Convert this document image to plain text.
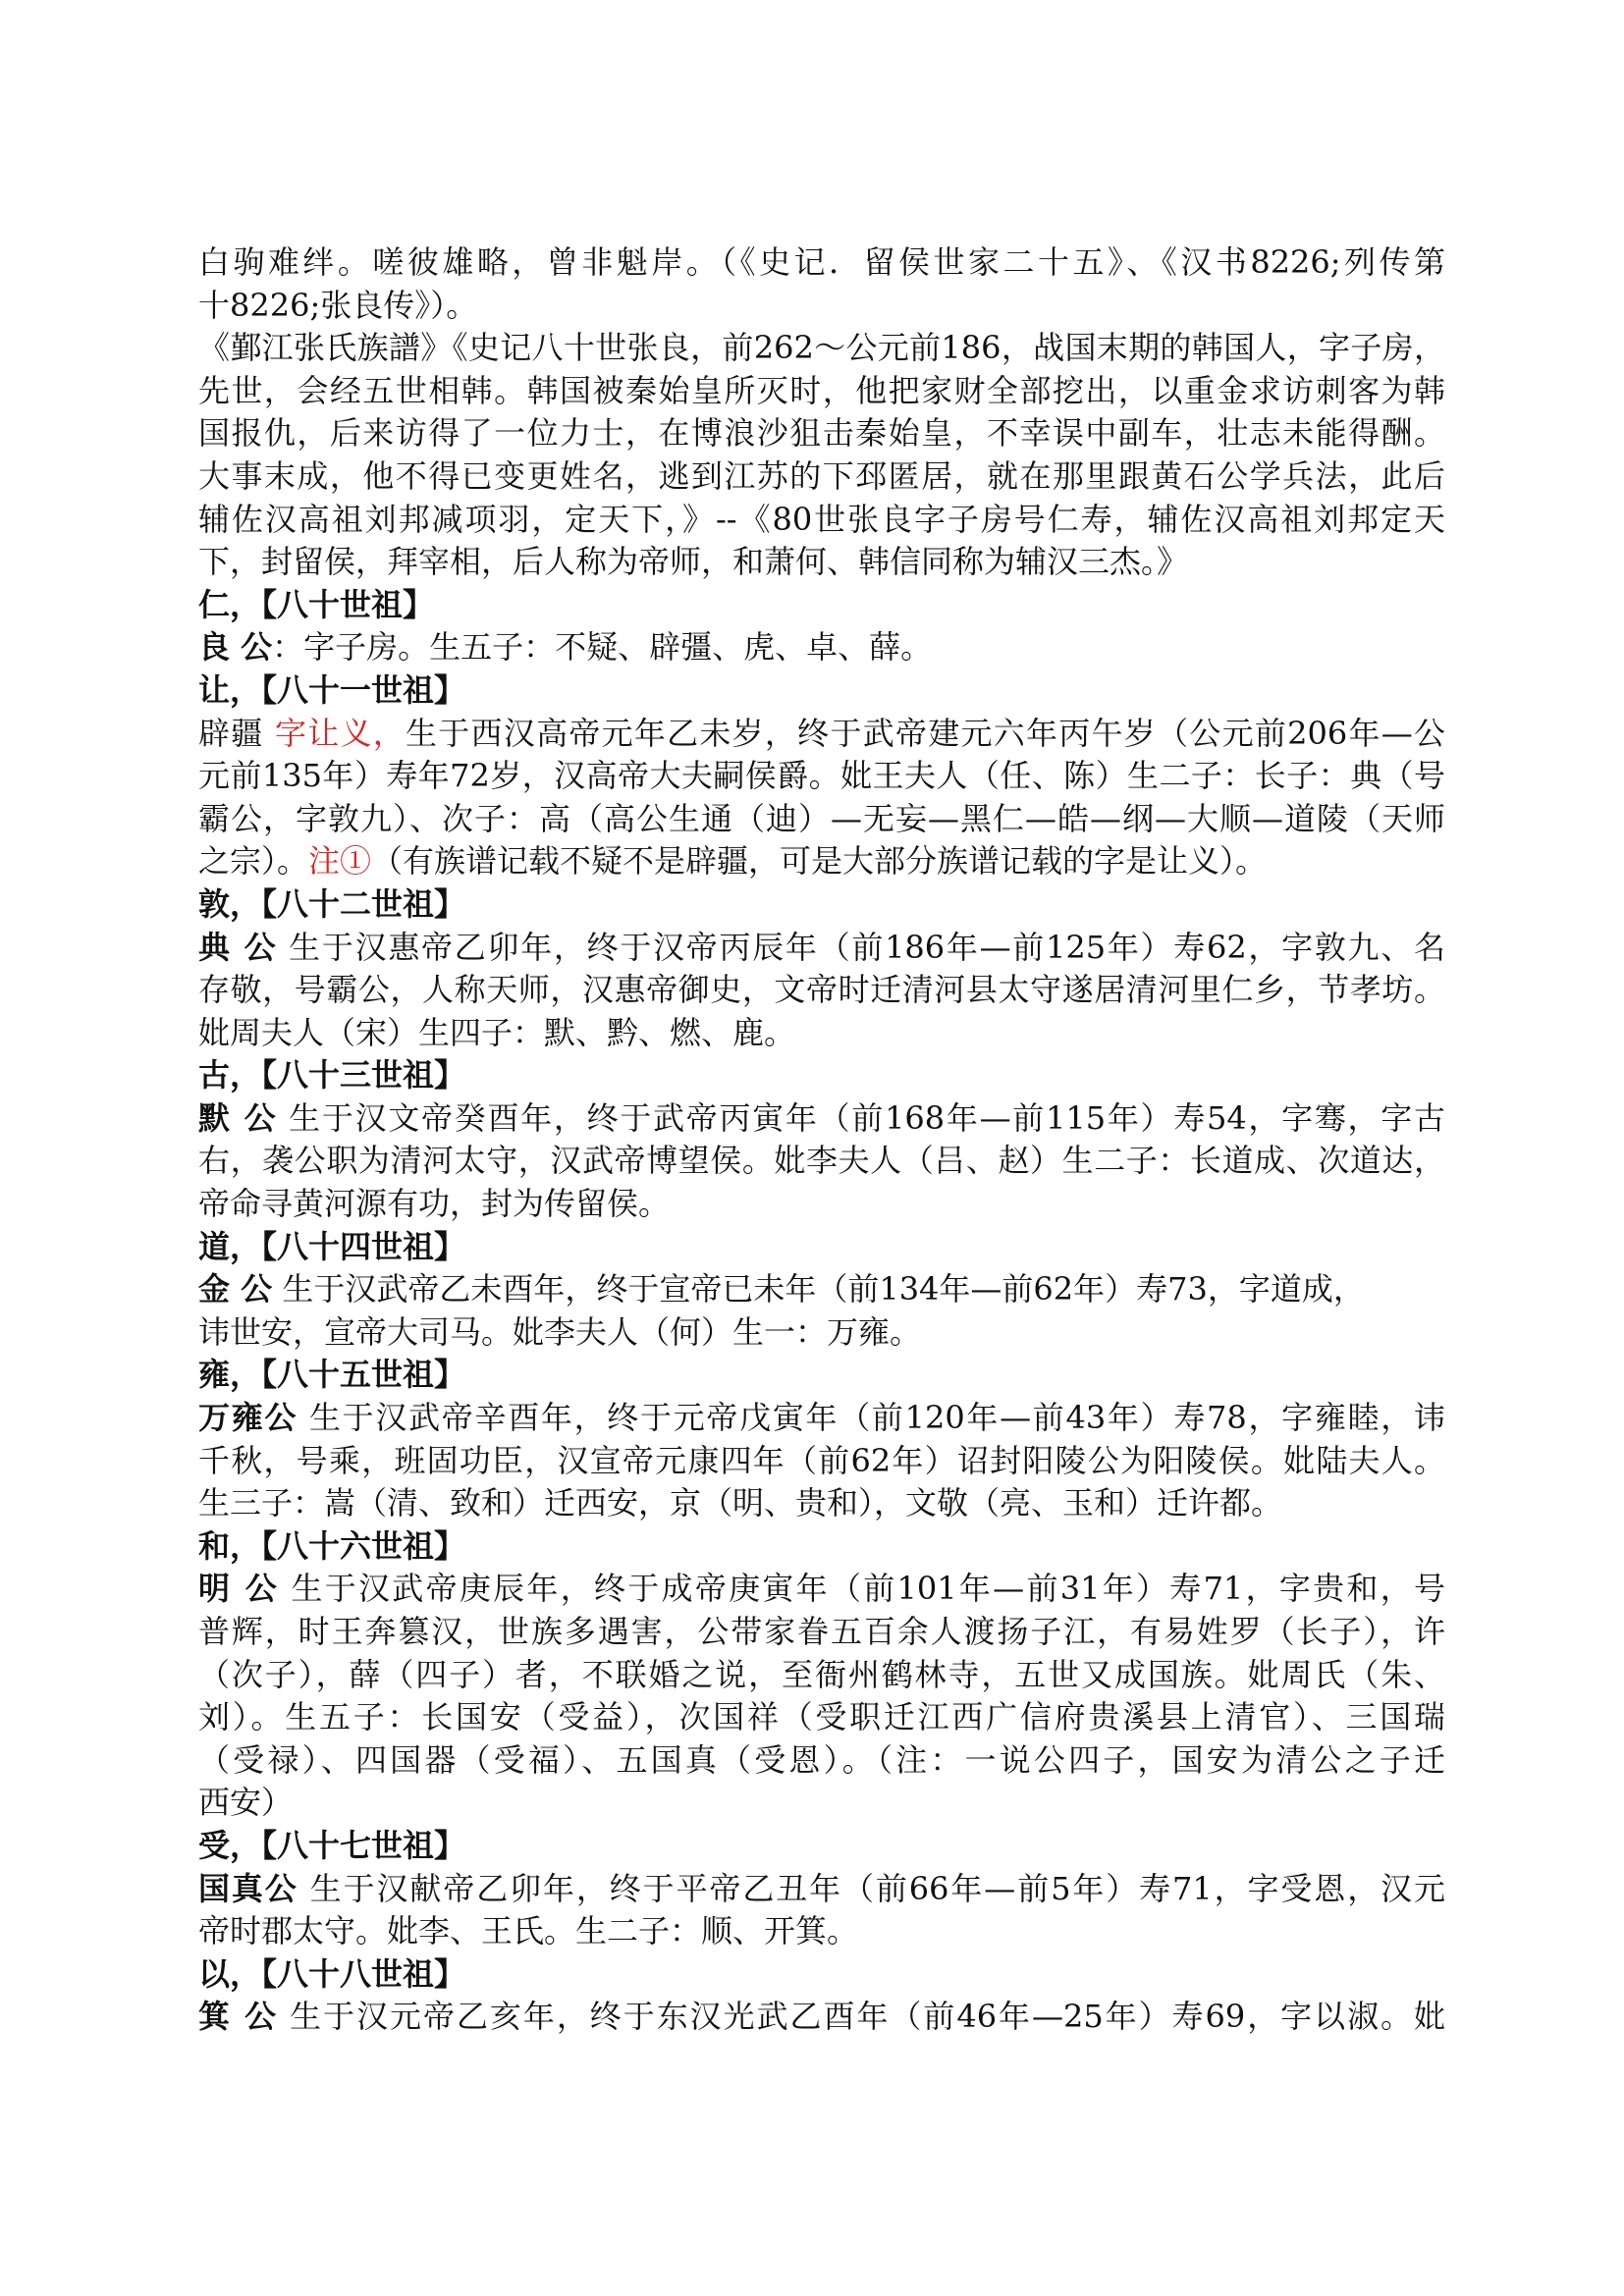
白驹难绊。嗟彼雄略，曾非魁岸。（《史记．留侯世家二十五》、《汉书8226;列传第
十8226;张良传》）。
《鄞江张氏族譜》《史记八十世张良，前262～公元前186，战国末期的韩国人，字子房，
先世，会经五世相韩。韩国被秦始皇所灭时，他把家财全部挖出，以重金求访刺客为韩
国报仇，后来访得了一位力士，在博浪沙狙击秦始皇，不幸误中副车，壮志未能得酬。
大事末成，他不得已变更姓名，逃到江苏的下邳匿居，就在那里跟黄石公学兵法，此后
辅佐汉高祖刘邦减项羽，定天下，》--《80世张良字子房号仁寿，辅佐汉高祖刘邦定天
下，封留侯，拜宰相，后人称为帝师，和萧何、韩信同称为辅汉三杰。》
仁，【八十世祖】
良 公：字子房。生五子：不疑、辟彊、虎、卓、薛。
让，【八十一世祖】
辟疆 字让义，生于西汉高帝元年乙未岁，终于武帝建元六年丙午岁（公元前206年—公
元前135年）寿年72岁，汉高帝大夫嗣侯爵。妣王夫人（任、陈）生二子：长子：典（号
霸公，字敦九）、次子：高（高公生通（迪）—无妄—黑仁—皓—纲—大顺—道陵（天师
之宗）。注①（有族谱记载不疑不是辟疆，可是大部分族谱记载的字是让义）。
敦，【八十二世祖】
典 公 生于汉惠帝乙卯年，终于汉帝丙辰年（前186年—前125年）寿62，字敦九、名
存敬，号霸公，人称天师，汉惠帝御史，文帝时迁清河县太守遂居清河里仁乡，节孝坊。
妣周夫人（宋）生四子：默、黔、燃、鹿。
古，【八十三世祖】
默 公 生于汉文帝癸酉年，终于武帝丙寅年（前168年—前115年）寿54，字骞，字古
右，袭公职为清河太守，汉武帝博望侯。妣李夫人（吕、赵）生二子：长道成、次道达，
帝命寻黄河源有功，封为传留侯。
道，【八十四世祖】
金 公 生于汉武帝乙未酉年，终于宣帝已未年（前134年—前62年）寿73，字道成，
讳世安，宣帝大司马。妣李夫人（何）生一：万雍。
雍，【八十五世祖】
万雍公 生于汉武帝辛酉年，终于元帝戊寅年（前120年—前43年）寿78，字雍睦，讳
千秋，号乘，班固功臣，汉宣帝元康四年（前62年）诏封阳陵公为阳陵侯。妣陆夫人。
生三子：嵩（清、致和）迁西安，京（明、贵和），文敬（亮、玉和）迁许都。
和，【八十六世祖】
明 公 生于汉武帝庚辰年，终于成帝庚寅年（前101年—前31年）寿71，字贵和，号
普辉，时王奔篡汉，世族多遇害，公带家眷五百余人渡扬子江，有易姓罗（长子），许
（次子），薛（四子）者，不联婚之说，至衙州鹤林寺，五世又成国族。妣周氏（朱、
刘）。生五子：长国安（受益），次国祥（受职迁江西广信府贵溪县上清官）、三国瑞
（受禄）、四国器（受福）、五国真（受恩）。（注：一说公四子，国安为清公之子迁
西安）
受，【八十七世祖】
国真公 生于汉献帝乙卯年，终于平帝乙丑年（前66年—前5年）寿71，字受恩，汉元
帝时郡太守。妣李、王氏。生二子：顺、开箕。
以，【八十八世祖】
箕 公 生于汉元帝乙亥年，终于东汉光武乙酉年（前46年—25年）寿69，字以淑。妣
